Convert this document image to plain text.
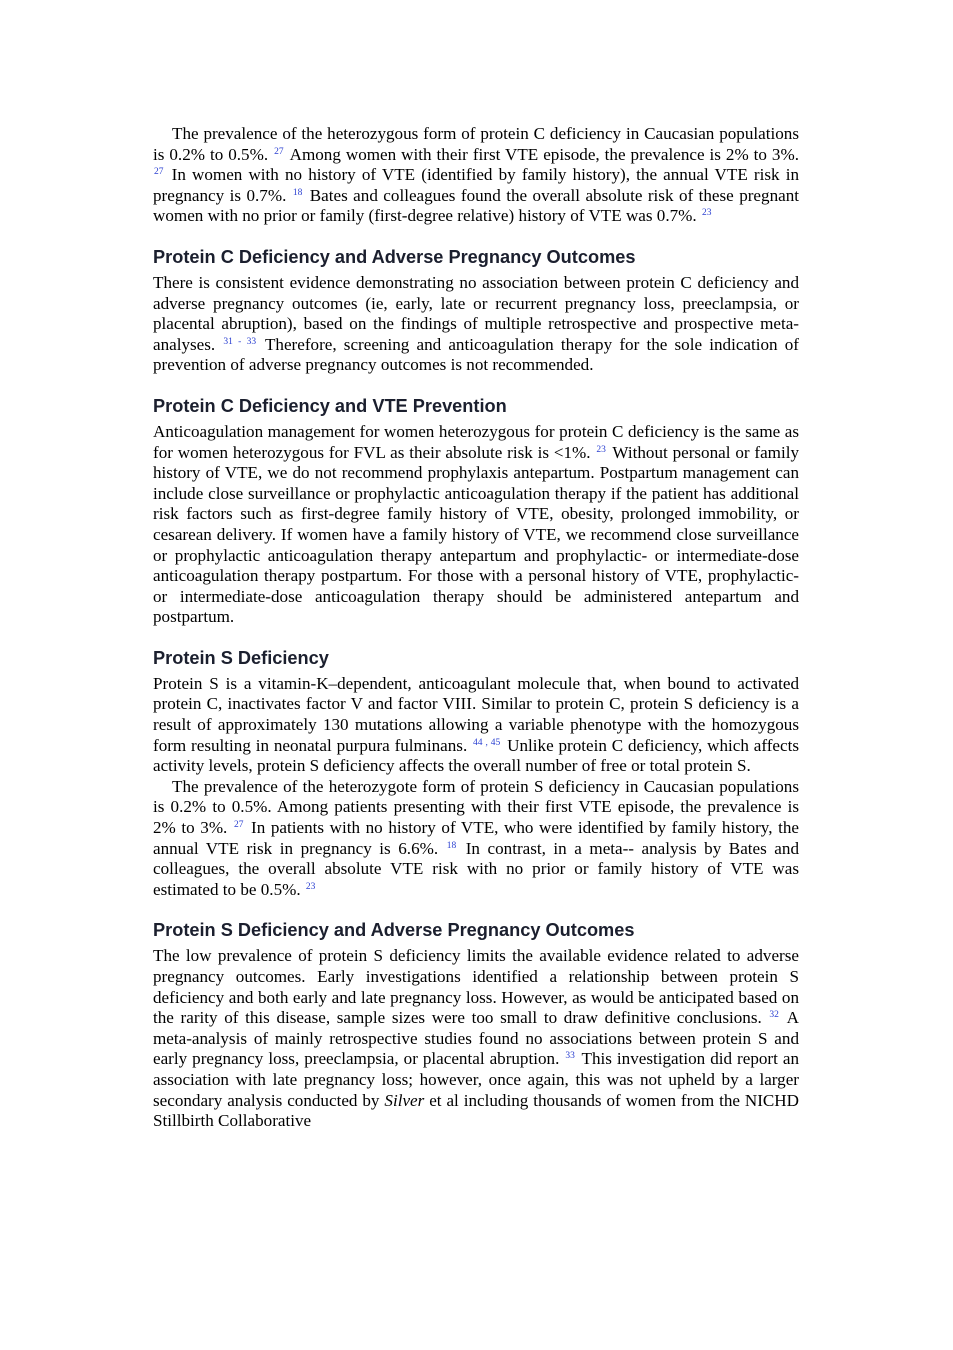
The prevalence of the heterozygous form of protein C deficiency in Caucasian populations is 0.2% to 0.5%. $^{27}$ Among women with their first VTE episode, the prevalence is 2% to 3%. $^{27}$ In women with no history of VTE (identified by family history), the annual VTE risk in pregnancy is 0.7%. $^{18}$ Bates and colleagues found the overall absolute risk of these pregnant women with no prior or family (first-degree relative) history of VTE was 0.7%. $^{23}$

Protein C Deficiency and Adverse Pregnancy Outcomes

There is consistent evidence demonstrating no association between protein C deficiency and adverse pregnancy outcomes (ie, early, late or recurrent pregnancy loss, preeclampsia, or placental abruption), based on the findings of multiple retrospective and prospective meta-analyses. $^{31 - 33}$ Therefore, screening and anticoagulation therapy for the sole indication of prevention of adverse pregnancy outcomes is not recommended.

Protein C Deficiency and VTE Prevention

Anticoagulation management for women heterozygous for protein C deficiency is the same as for women heterozygous for FVL as their absolute risk is <1%. $^{23}$ Without personal or family history of VTE, we do not recommend prophylaxis antepartum. Postpartum management can include close surveillance or prophylactic anticoagulation therapy if the patient has additional risk factors such as first-degree family history of VTE, obesity, prolonged immobility, or cesarean delivery. If women have a family history of VTE, we recommend close surveillance or prophylactic anticoagulation therapy antepartum and prophylactic- or intermediate-dose anticoagulation therapy postpartum. For those with a personal history of VTE, prophylactic- or intermediate-dose anticoagulation therapy should be administered antepartum and postpartum.

Protein S Deficiency

Protein S is a vitamin-K–dependent, anticoagulant molecule that, when bound to activated protein C, inactivates factor V and factor VIII. Similar to protein C, protein S deficiency is a result of approximately 130 mutations allowing a variable phenotype with the homozygous form resulting in neonatal purpura fulminans. $^{44 , 45}$ Unlike protein C deficiency, which affects activity levels, protein S deficiency affects the overall number of free or total protein S.

The prevalence of the heterozygote form of protein S deficiency in Caucasian populations is 0.2% to 0.5%. Among patients presenting with their first VTE episode, the prevalence is 2% to 3%. $^{27}$ In patients with no history of VTE, who were identified by family history, the annual VTE risk in pregnancy is 6.6%. $^{18}$ In contrast, in a meta-- analysis by Bates and colleagues, the overall absolute VTE risk with no prior or family history of VTE was estimated to be 0.5%. $^{23}$

Protein S Deficiency and Adverse Pregnancy Outcomes

The low prevalence of protein S deficiency limits the available evidence related to adverse pregnancy outcomes. Early investigations identified a relationship between protein S deficiency and both early and late pregnancy loss. However, as would be anticipated based on the rarity of this disease, sample sizes were too small to draw definitive conclusions. $^{32}$ A meta-analysis of mainly retrospective studies found no associations between protein S and early pregnancy loss, preeclampsia, or placental abruption. $^{33}$ This investigation did report an association with late pregnancy loss; however, once again, this was not upheld by a larger secondary analysis conducted by Silver et al including thousands of women from the NICHD Stillbirth Collaborative
